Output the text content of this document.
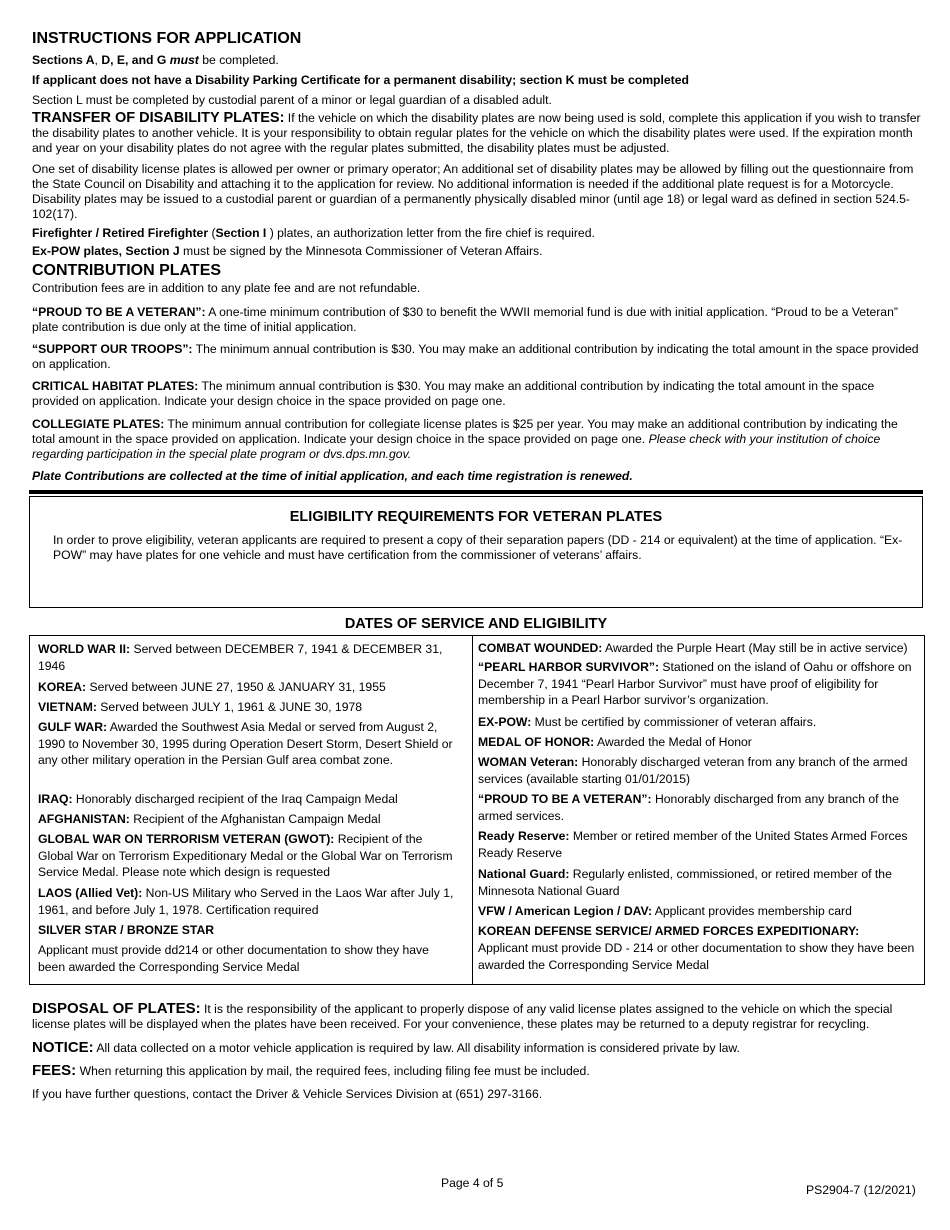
INSTRUCTIONS FOR APPLICATION

Sections A, D, E, and G must be completed.

If applicant does not have a Disability Parking Certificate for a permanent disability; section K must be completed

Section L must be completed by custodial parent of a minor or legal guardian of a disabled adult.

TRANSFER OF DISABILITY PLATES: If the vehicle on which the disability plates are now being used is sold, complete this application if you wish to transfer the disability plates to another vehicle. It is your responsibility to obtain regular plates for the vehicle on which the disability plates were used. If the expiration month and year on your disability plates do not agree with the regular plates submitted, the disability plates must be adjusted.

One set of disability license plates is allowed per owner or primary operator; An additional set of disability plates may be allowed by filling out the questionnaire from the State Council on Disability and attaching it to the application for review. No additional information is needed if the additional plate request is for a Motorcycle. Disability plates may be issued to a custodial parent or guardian of a permanently physically disabled minor (until age 18) or legal ward as defined in section 524.5-102(17).

Firefighter / Retired Firefighter (Section I ) plates, an authorization letter from the fire chief is required.

Ex-POW plates, Section J must be signed by the Minnesota Commissioner of Veteran Affairs.

CONTRIBUTION PLATES

Contribution fees are in addition to any plate fee and are not refundable.

“PROUD TO BE A VETERAN”: A one-time minimum contribution of $30 to benefit the WWII memorial fund is due with initial application. “Proud to be a Veteran” plate contribution is due only at the time of initial application.

“SUPPORT OUR TROOPS”: The minimum annual contribution is $30. You may make an additional contribution by indicating the total amount in the space provided on application.

CRITICAL HABITAT PLATES: The minimum annual contribution is $30. You may make an additional contribution by indicating the total amount in the space provided on application. Indicate your design choice in the space provided on page one.

COLLEGIATE PLATES: The minimum annual contribution for collegiate license plates is $25 per year. You may make an additional contribution by indicating the total amount in the space provided on application. Indicate your design choice in the space provided on page one. Please check with your institution of choice regarding participation in the special plate program or dvs.dps.mn.gov.

Plate Contributions are collected at the time of initial application, and each time registration is renewed.

ELIGIBILITY REQUIREMENTS FOR VETERAN PLATES

In order to prove eligibility, veteran applicants are required to present a copy of their separation papers (DD - 214 or equivalent) at the time of application. “Ex-POW” may have plates for one vehicle and must have certification from the commissioner of veterans’ affairs.

DATES OF SERVICE AND ELIGIBILITY

WORLD WAR II: Served between DECEMBER 7, 1941 & DECEMBER 31, 1946

KOREA: Served between JUNE 27, 1950 & JANUARY 31, 1955

VIETNAM: Served between JULY 1, 1961 & JUNE 30, 1978

GULF WAR: Awarded the Southwest Asia Medal or served from August 2, 1990 to November 30, 1995 during Operation Desert Storm, Desert Shield or any other military operation in the Persian Gulf area combat zone.

IRAQ: Honorably discharged recipient of the Iraq Campaign Medal

AFGHANISTAN: Recipient of the Afghanistan Campaign Medal

GLOBAL WAR ON TERRORISM VETERAN (GWOT): Recipient of the Global War on Terrorism Expeditionary Medal or the Global War on Terrorism Service Medal. Please note which design is requested

LAOS (Allied Vet): Non-US Military who Served in the Laos War after July 1, 1961, and before July 1, 1978. Certification required

SILVER STAR / BRONZE STAR

Applicant must provide dd214 or other documentation to show they have been awarded the Corresponding Service Medal

COMBAT WOUNDED: Awarded the Purple Heart (May still be in active service)

“PEARL HARBOR SURVIVOR”: Stationed on the island of Oahu or offshore on December 7, 1941 “Pearl Harbor Survivor” must have proof of eligibility for membership in a Pearl Harbor survivor’s organization.

EX-POW: Must be certified by commissioner of veteran affairs.

MEDAL OF HONOR: Awarded the Medal of Honor

WOMAN Veteran: Honorably discharged veteran from any branch of the armed services (available starting 01/01/2015)

“PROUD TO BE A VETERAN”: Honorably discharged from any branch of the armed services.

Ready Reserve: Member or retired member of the United States Armed Forces Ready Reserve

National Guard: Regularly enlisted, commissioned, or retired member of the Minnesota National Guard

VFW / American Legion / DAV: Applicant provides membership card

KOREAN DEFENSE SERVICE/ ARMED FORCES EXPEDITIONARY:

Applicant must provide DD - 214 or other documentation to show they have been awarded the Corresponding Service Medal

DISPOSAL OF PLATES: It is the responsibility of the applicant to properly dispose of any valid license plates assigned to the vehicle on which the special license plates will be displayed when the plates have been received. For your convenience, these plates may be returned to a deputy registrar for recycling.

NOTICE: All data collected on a motor vehicle application is required by law. All disability information is considered private by law.

FEES: When returning this application by mail, the required fees, including filing fee must be included.

If you have further questions, contact the Driver & Vehicle Services Division at (651) 297-3166.

Page 4 of 5	PS2904-7 (12/2021)
